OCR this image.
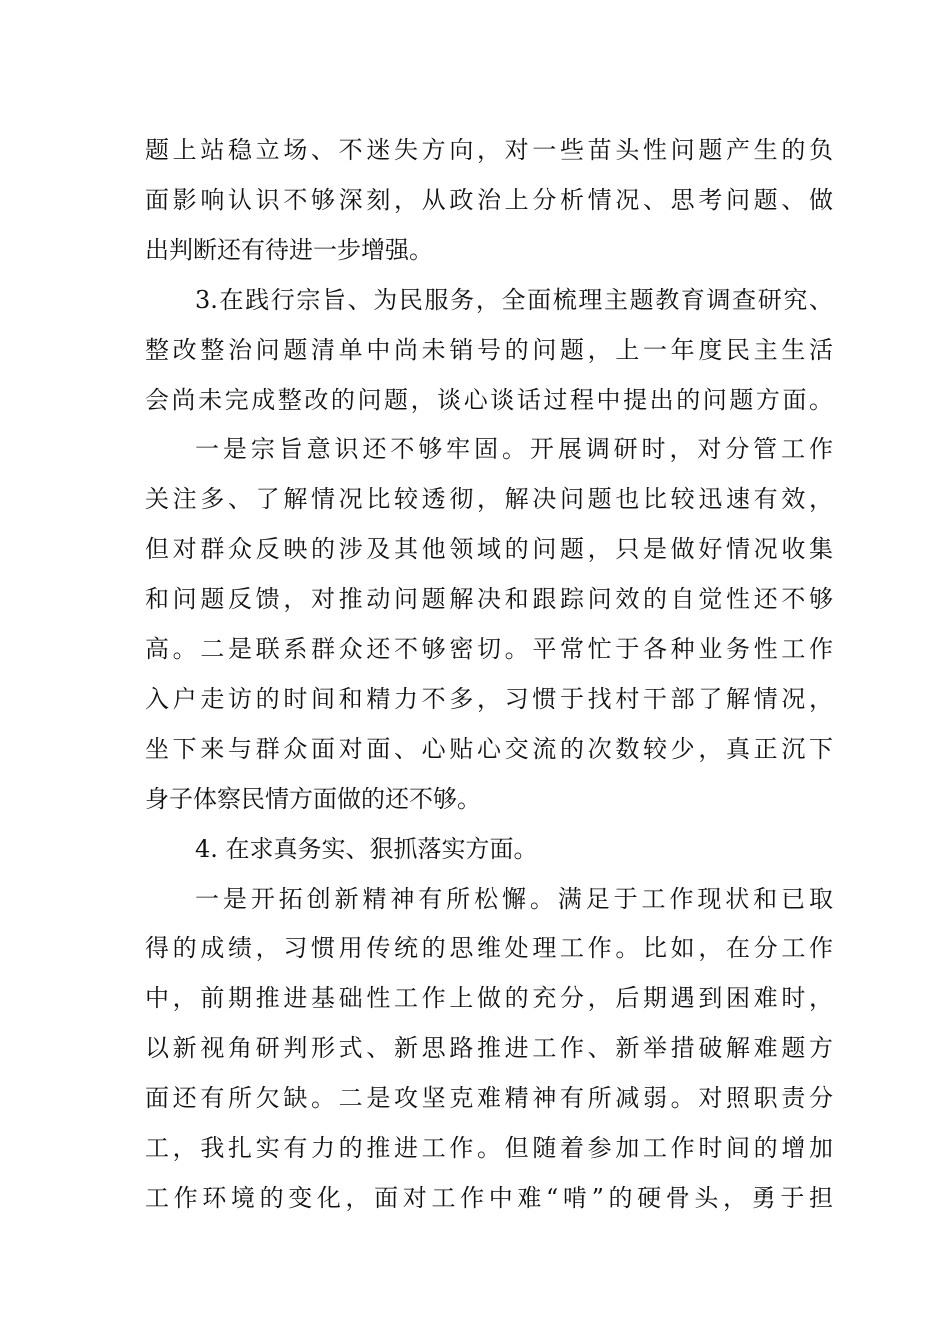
题上站稳立场、不迷失方向，对一些苗头性问题产生的负
面影响认识不够深刻，从政治上分析情况、思考问题、做
出判断还有待进一步增强。
3.在践行宗旨、为民服务，全面梳理主题教育调查研究、
整改整治问题清单中尚未销号的问题，上一年度民主生活
会尚未完成整改的问题，谈心谈话过程中提出的问题方面。
一是宗旨意识还不够牢固。开展调研时，对分管工作
关注多、了解情况比较透彻，解决问题也比较迅速有效，
但对群众反映的涉及其他领域的问题，只是做好情况收集
和问题反馈，对推动问题解决和跟踪问效的自觉性还不够
高。二是联系群众还不够密切。平常忙于各种业务性工作
入户走访的时间和精力不多，习惯于找村干部了解情况，
坐下来与群众面对面、心贴心交流的次数较少，真正沉下
身子体察民情方面做的还不够。
4. 在求真务实、狠抓落实方面。
一是开拓创新精神有所松懈。满足于工作现状和已取
得的成绩，习惯用传统的思维处理工作。比如，在分工作
中，前期推进基础性工作上做的充分，后期遇到困难时，
以新视角研判形式、新思路推进工作、新举措破解难题方
面还有所欠缺。二是攻坚克难精神有所减弱。对照职责分
工，我扎实有力的推进工作。但随着参加工作时间的增加
工作环境的变化，面对工作中难“啃”的硬骨头，勇于担
